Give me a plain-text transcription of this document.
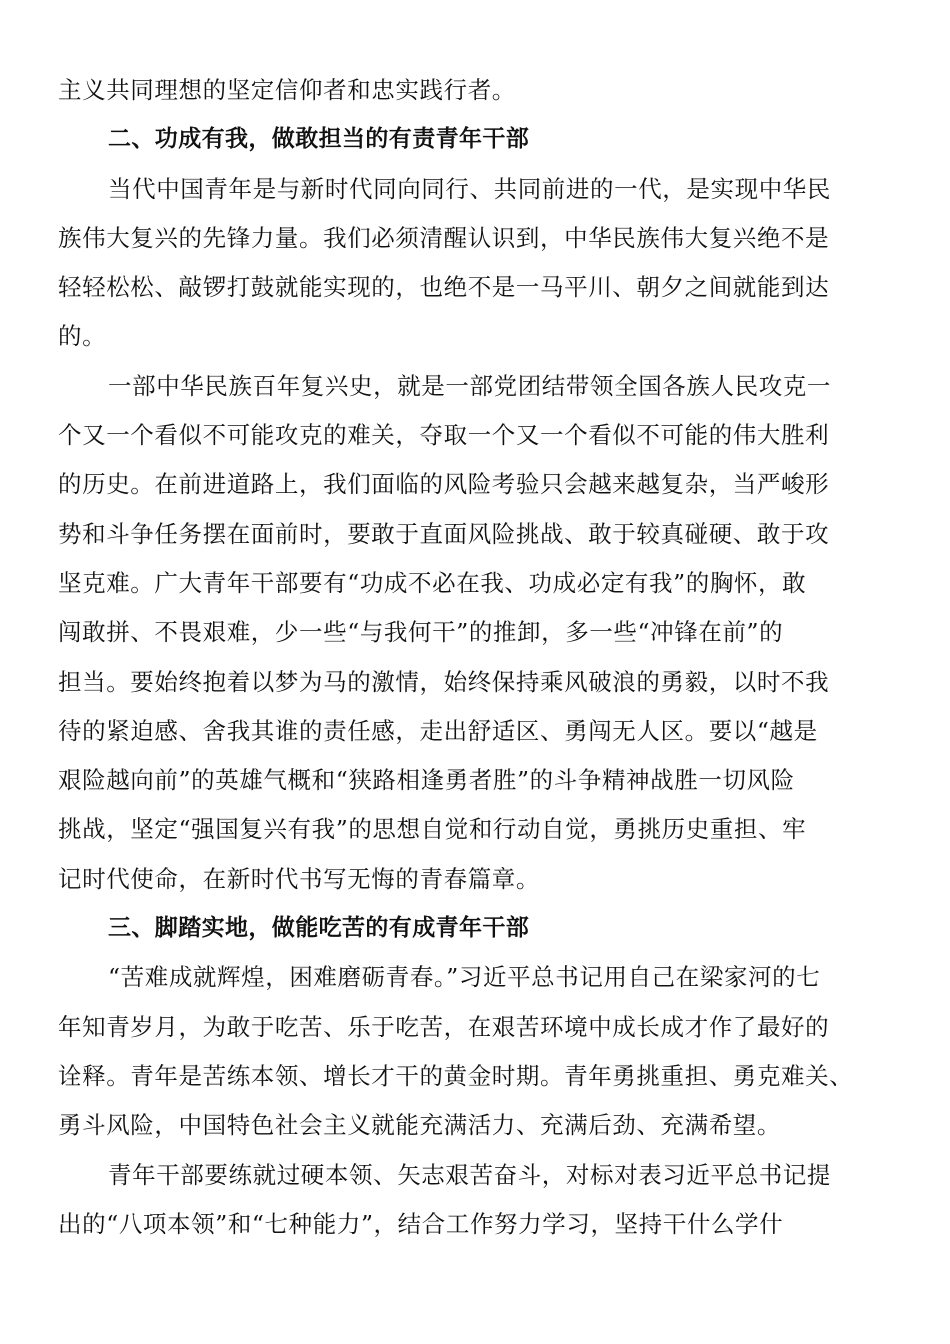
主义共同理想的坚定信仰者和忠实践行者。
二、功成有我，做敢担当的有责青年干部
当代中国青年是与新时代同向同行、共同前进的一代，是实现中华民
族伟大复兴的先锋力量。我们必须清醒认识到，中华民族伟大复兴绝不是
轻轻松松、敲锣打鼓就能实现的，也绝不是一马平川、朝夕之间就能到达
的。
一部中华民族百年复兴史，就是一部党团结带领全国各族人民攻克一
个又一个看似不可能攻克的难关，夺取一个又一个看似不可能的伟大胜利
的历史。在前进道路上，我们面临的风险考验只会越来越复杂，当严峻形
势和斗争任务摆在面前时，要敢于直面风险挑战、敢于较真碰硬、敢于攻
坚克难。广大青年干部要有“功成不必在我、功成必定有我”的胸怀，敢
闯敢拼、不畏艰难，少一些“与我何干”的推卸，多一些“冲锋在前”的
担当。要始终抱着以梦为马的激情，始终保持乘风破浪的勇毅，以时不我
待的紧迫感、舍我其谁的责任感，走出舒适区、勇闯无人区。要以“越是
艰险越向前”的英雄气概和“狭路相逢勇者胜”的斗争精神战胜一切风险
挑战，坚定“强国复兴有我”的思想自觉和行动自觉，勇挑历史重担、牢
记时代使命，在新时代书写无悔的青春篇章。
三、脚踏实地，做能吃苦的有成青年干部
“苦难成就辉煌，困难磨砺青春。”习近平总书记用自己在梁家河的七
年知青岁月，为敢于吃苦、乐于吃苦，在艰苦环境中成长成才作了最好的
诠释。青年是苦练本领、增长才干的黄金时期。青年勇挑重担、勇克难关、
勇斗风险，中国特色社会主义就能充满活力、充满后劲、充满希望。
青年干部要练就过硬本领、矢志艰苦奋斗，对标对表习近平总书记提
出的“八项本领”和“七种能力”，结合工作努力学习，坚持干什么学什
